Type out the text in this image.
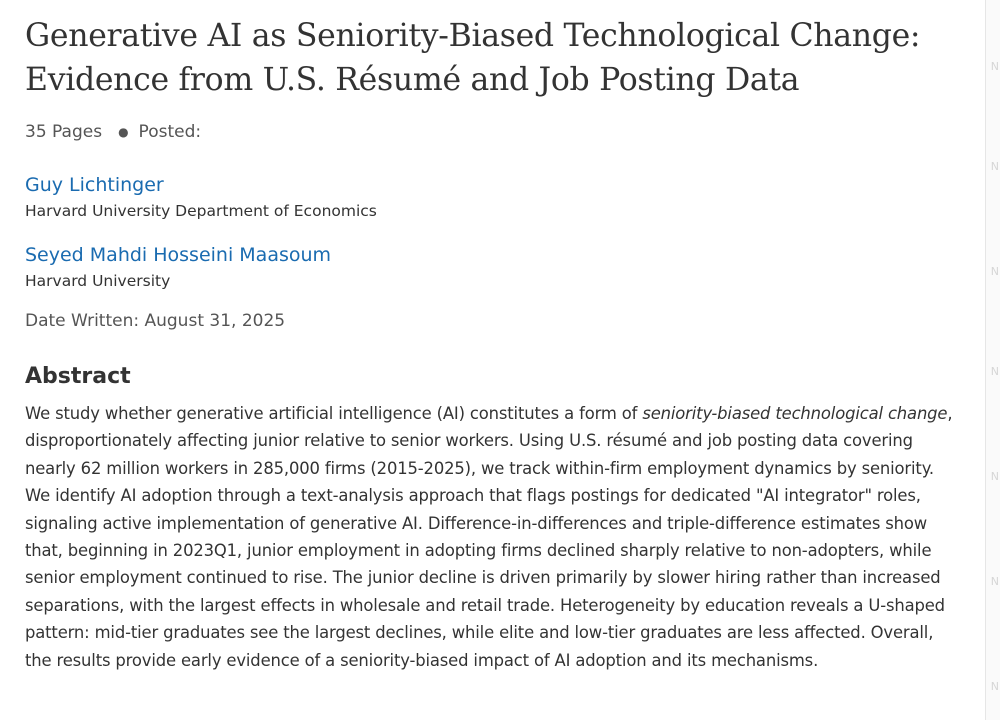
Generative AI as Seniority-Biased Technological Change:
Evidence from U.S. Résumé and Job Posting Data
35 Pages ● Posted:
Guy Lichtinger
Harvard University Department of Economics
Seyed Mahdi Hosseini Maasoum
Harvard University
Date Written: August 31, 2025
Abstract
We study whether generative artificial intelligence (AI) constitutes a form of seniority-biased technological change, disproportionately affecting junior relative to senior workers. Using U.S. résumé and job posting data covering nearly 62 million workers in 285,000 firms (2015-2025), we track within-firm employment dynamics by seniority. We identify AI adoption through a text-analysis approach that flags postings for dedicated "AI integrator" roles, signaling active implementation of generative AI. Difference-in-differences and triple-difference estimates show that, beginning in 2023Q1, junior employment in adopting firms declined sharply relative to non-adopters, while senior employment continued to rise. The junior decline is driven primarily by slower hiring rather than increased separations, with the largest effects in wholesale and retail trade. Heterogeneity by education reveals a U-shaped pattern: mid-tier graduates see the largest declines, while elite and low-tier graduates are less affected. Overall, the results provide early evidence of a seniority-biased impact of AI adoption and its mechanisms.
N
N
N
N
N
N
N
